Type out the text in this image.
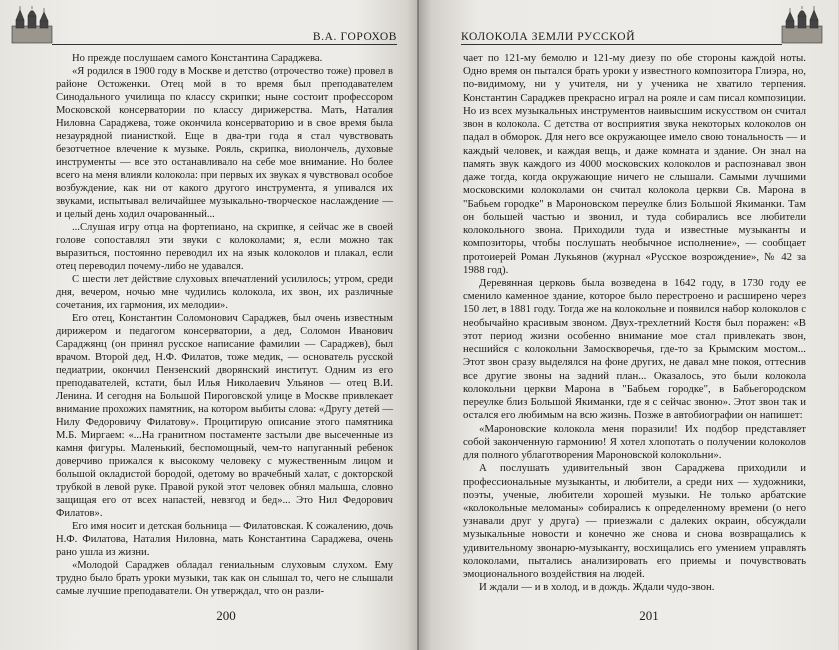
В.А. ГОРОХОВ

Но прежде послушаем самого Константина Сараджева.

«Я родился в 1900 году в Москве и детство (отрочество тоже) провел в районе Остоженки. Отец мой в то время был преподавателем Синодального училища по классу скрипки; ныне состоит профессором Московской консерватории по классу дирижерства. Мать, Наталия Ниловна Сараджева, тоже окончила консерваторию и в свое время была незаурядной пианисткой. Еще в два-три года я стал чувствовать безотчетное влечение к музыке. Рояль, скрипка, виолончель, духовые инструменты — все это останавливало на себе мое внимание. Но более всего на меня влияли колокола: при первых их звуках я чувствовал особое возбуждение, как ни от какого другого инструмента, я упивался их звуками, испытывал величайшее музыкально-творческое наслаждение — и целый день ходил очарованный...

...Слушая игру отца на фортепиано, на скрипке, я сейчас же в своей голове сопоставлял эти звуки с колоколами; я, если можно так выразиться, постоянно переводил их на язык колоколов и плакал, если отец переводил почему-либо не удавался.

С шести лет действие слуховых впечатлений усилилось; утром, среди дня, вечером, ночью мне чудились колокола, их звон, их различные сочетания, их гармония, их мелодии».

Его отец, Константин Соломонович Сараджев, был очень известным дирижером и педагогом консерватории, а дед, Соломон Иванович Сараджянц (он принял русское написание фамилии — Сараджев), был врачом. Второй дед, Н.Ф. Филатов, тоже медик, — основатель русской педиатрии, окончил Пензенский дворянский институт. Одним из его преподавателей, кстати, был Илья Николаевич Ульянов — отец В.И. Ленина. И сегодня на Большой Пироговской улице в Москве привлекает внимание прохожих памятник, на котором выбиты слова: «Другу детей — Нилу Федоровичу Филатову». Процитирую описание этого памятника М.Б. Миргаем: «...На гранитном постаменте застыли две высеченные из камня фигуры. Маленький, беспомощный, чем-то напуганный ребенок доверчиво прижался к высокому человеку с мужественным лицом и большой окладистой бородой, одетому во врачебный халат, с докторской трубкой в левой руке. Правой рукой этот человек обнял малыша, словно защищая его от всех напастей, невзгод и бед»... Это Нил Федорович Филатов».

Его имя носит и детская больница — Филатовская. К сожалению, дочь Н.Ф. Филатова, Наталия Ниловна, мать Константина Сараджева, очень рано ушла из жизни.

«Молодой Сараджев обладал гениальным слуховым слухом. Ему трудно было брать уроки музыки, так как он слышал то, чего не слышали самые лучшие преподаватели. Он утверждал, что он разли-

200
КОЛОКОЛА ЗЕМЛИ РУССКОЙ

чает по 121-му бемолю и 121-му диезу по обе стороны каждой ноты. Одно время он пытался брать уроки у известного композитора Глиэра, но, по-видимому, ни у учителя, ни у ученика не хватило терпения. Константин Сараджев прекрасно играл на рояле и сам писал композиции. Но из всех музыкальных инструментов наивысшим искусством он считал звон в колокола. С детства от восприятия звука некоторых колоколов он падал в обморок. Для него все окружающее имело свою тональность — и каждый человек, и каждая вещь, и даже комната и здание. Он знал на память звук каждого из 4000 московских колоколов и распознавал звон даже тогда, когда окружающие ничего не слышали. Самыми лучшими московскими колоколами он считал колокола церкви Св. Марона в "Бабьем городке" в Мароновском переулке близ Большой Якиманки. Там он большей частью и звонил, и туда собирались все любители колокольного звона. Приходили туда и известные музыканты и композиторы, чтобы послушать необычное исполнение», — сообщает протоиерей Роман Лукьянов (журнал «Русское возрождение», № 42 за 1988 год).

Деревянная церковь была возведена в 1642 году, в 1730 году ее сменило каменное здание, которое было перестроено и расширено через 150 лет, в 1881 году. Тогда же на колокольне и появился набор колоколов с необычайно красивым звоном. Двух-трехлетний Костя был поражен: «В этот период жизни особенно внимание мое стал привлекать звон, несшийся с колокольни Замоскворечья, где-то за Крымским мостом... Этот звон сразу выделялся на фоне других, не давал мне покоя, оттеснив все другие звоны на задний план... Оказалось, это были колокола колокольни церкви Марона в "Бабьем городке", в Бабьегородском переулке близ Большой Якиманки, где я с сейчас звоню». Этот звон так и остался его любимым на всю жизнь. Позже в автобиографии он напишет:

«Мароновские колокола меня поразили! Их подбор представляет собой законченную гармонию! Я хотел хлопотать о получении колоколов для полного ублаготворения Мароновской колокольни».

А послушать удивительный звон Сараджева приходили и профессиональные музыканты, и любители, а среди них — художники, поэты, ученые, любители хорошей музыки. Не только арбатские «колокольные меломаны» собирались к определенному времени (о него узнавали друг у друга) — приезжали с далеких окраин, обсуждали музыкальные новости и конечно же снова и снова возвращались к удивительному звонарю-музыканту, восхищались его умением управлять колоколами, пытались анализировать его приемы и почувствовать эмоционального воздействия на людей.

И ждали — и в холод, и в дождь. Ждали чудо-звон.

201
